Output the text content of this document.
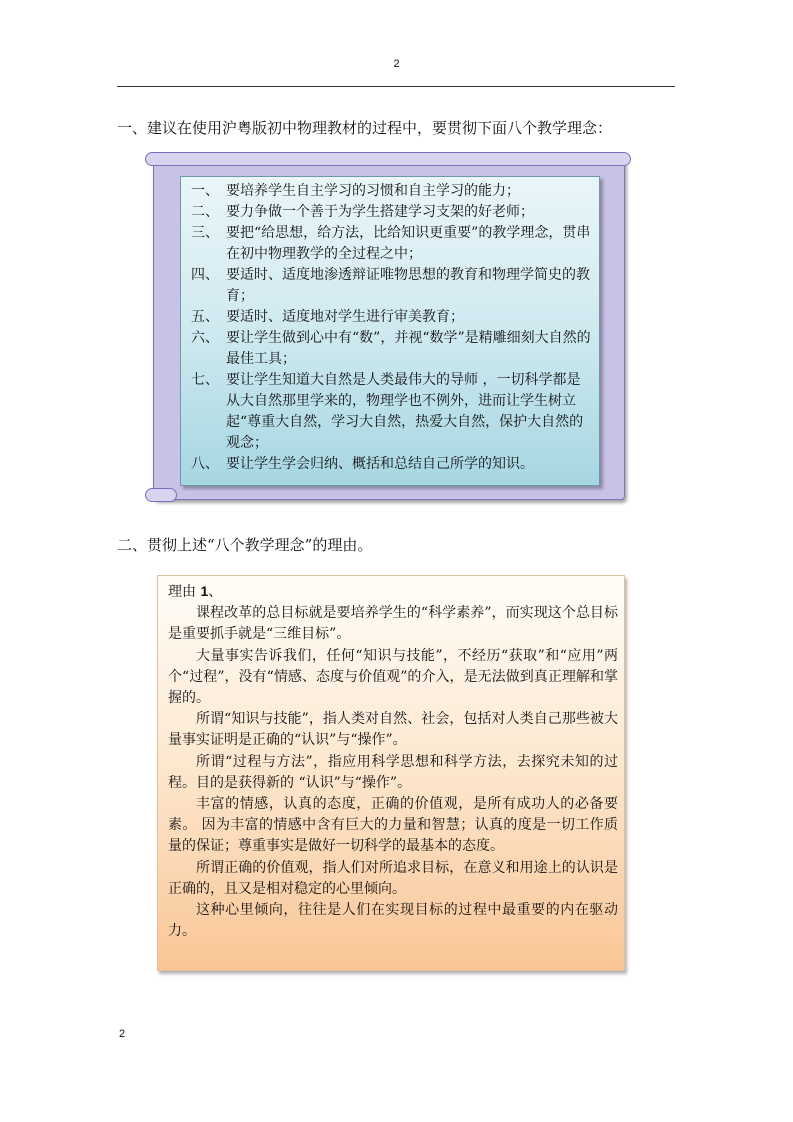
2
一、建议在使用沪粤版初中物理教材的过程中，要贯彻下面八个教学理念：
一、 要培养学生自主学习的习惯和自主学习的能力；
二、 要力争做一个善于为学生搭建学习支架的好老师；
三、 要把“给思想，给方法，比给知识更重要”的教学理念，贯串在初中物理教学的全过程之中；
四、 要适时、适度地渗透辩证唯物思想的教育和物理学简史的教育；
五、 要适时、适度地对学生进行审美教育；
六、 要让学生做到心中有“数”，并视“数学”是精雕细刻大自然的最佳工具；
七、 要让学生知道大自然是人类最伟大的导师 ，一切科学都是从大自然那里学来的，物理学也不例外，进而让学生树立起“尊重大自然，学习大自然，热爱大自然，保护大自然的观念；
八、 要让学生学会归纳、概括和总结自己所学的知识。
二、贯彻上述“八个教学理念”的理由。
理由 1、

课程改革的总目标就是要培养学生的“科学素养”，而实现这个总目标是重要抓手就是“三维目标”。

大量事实告诉我们，任何“知识与技能”，不经历“获取”和“应用”两个“过程”，没有“情感、态度与价值观”的介入，是无法做到真正理解和掌握的。

所谓“知识与技能”，指人类对自然、社会，包括对人类自己那些被大量事实证明是正确的“认识”与“操作”。

所谓“过程与方法”，指应用科学思想和科学方法，去探究未知的过程。目的是获得新的 “认识”与“操作”。

丰富的情感，认真的态度，正确的价值观，是所有成功人的必备要素。 因为丰富的情感中含有巨大的力量和智慧；认真的度是一切工作质量的保证；尊重事实是做好一切科学的最基本的态度。

所谓正确的价值观，指人们对所追求目标，在意义和用途上的认识是正确的，且又是相对稳定的心里倾向。

这种心里倾向，往往是人们在实现目标的过程中最重要的内在驱动力。

2
